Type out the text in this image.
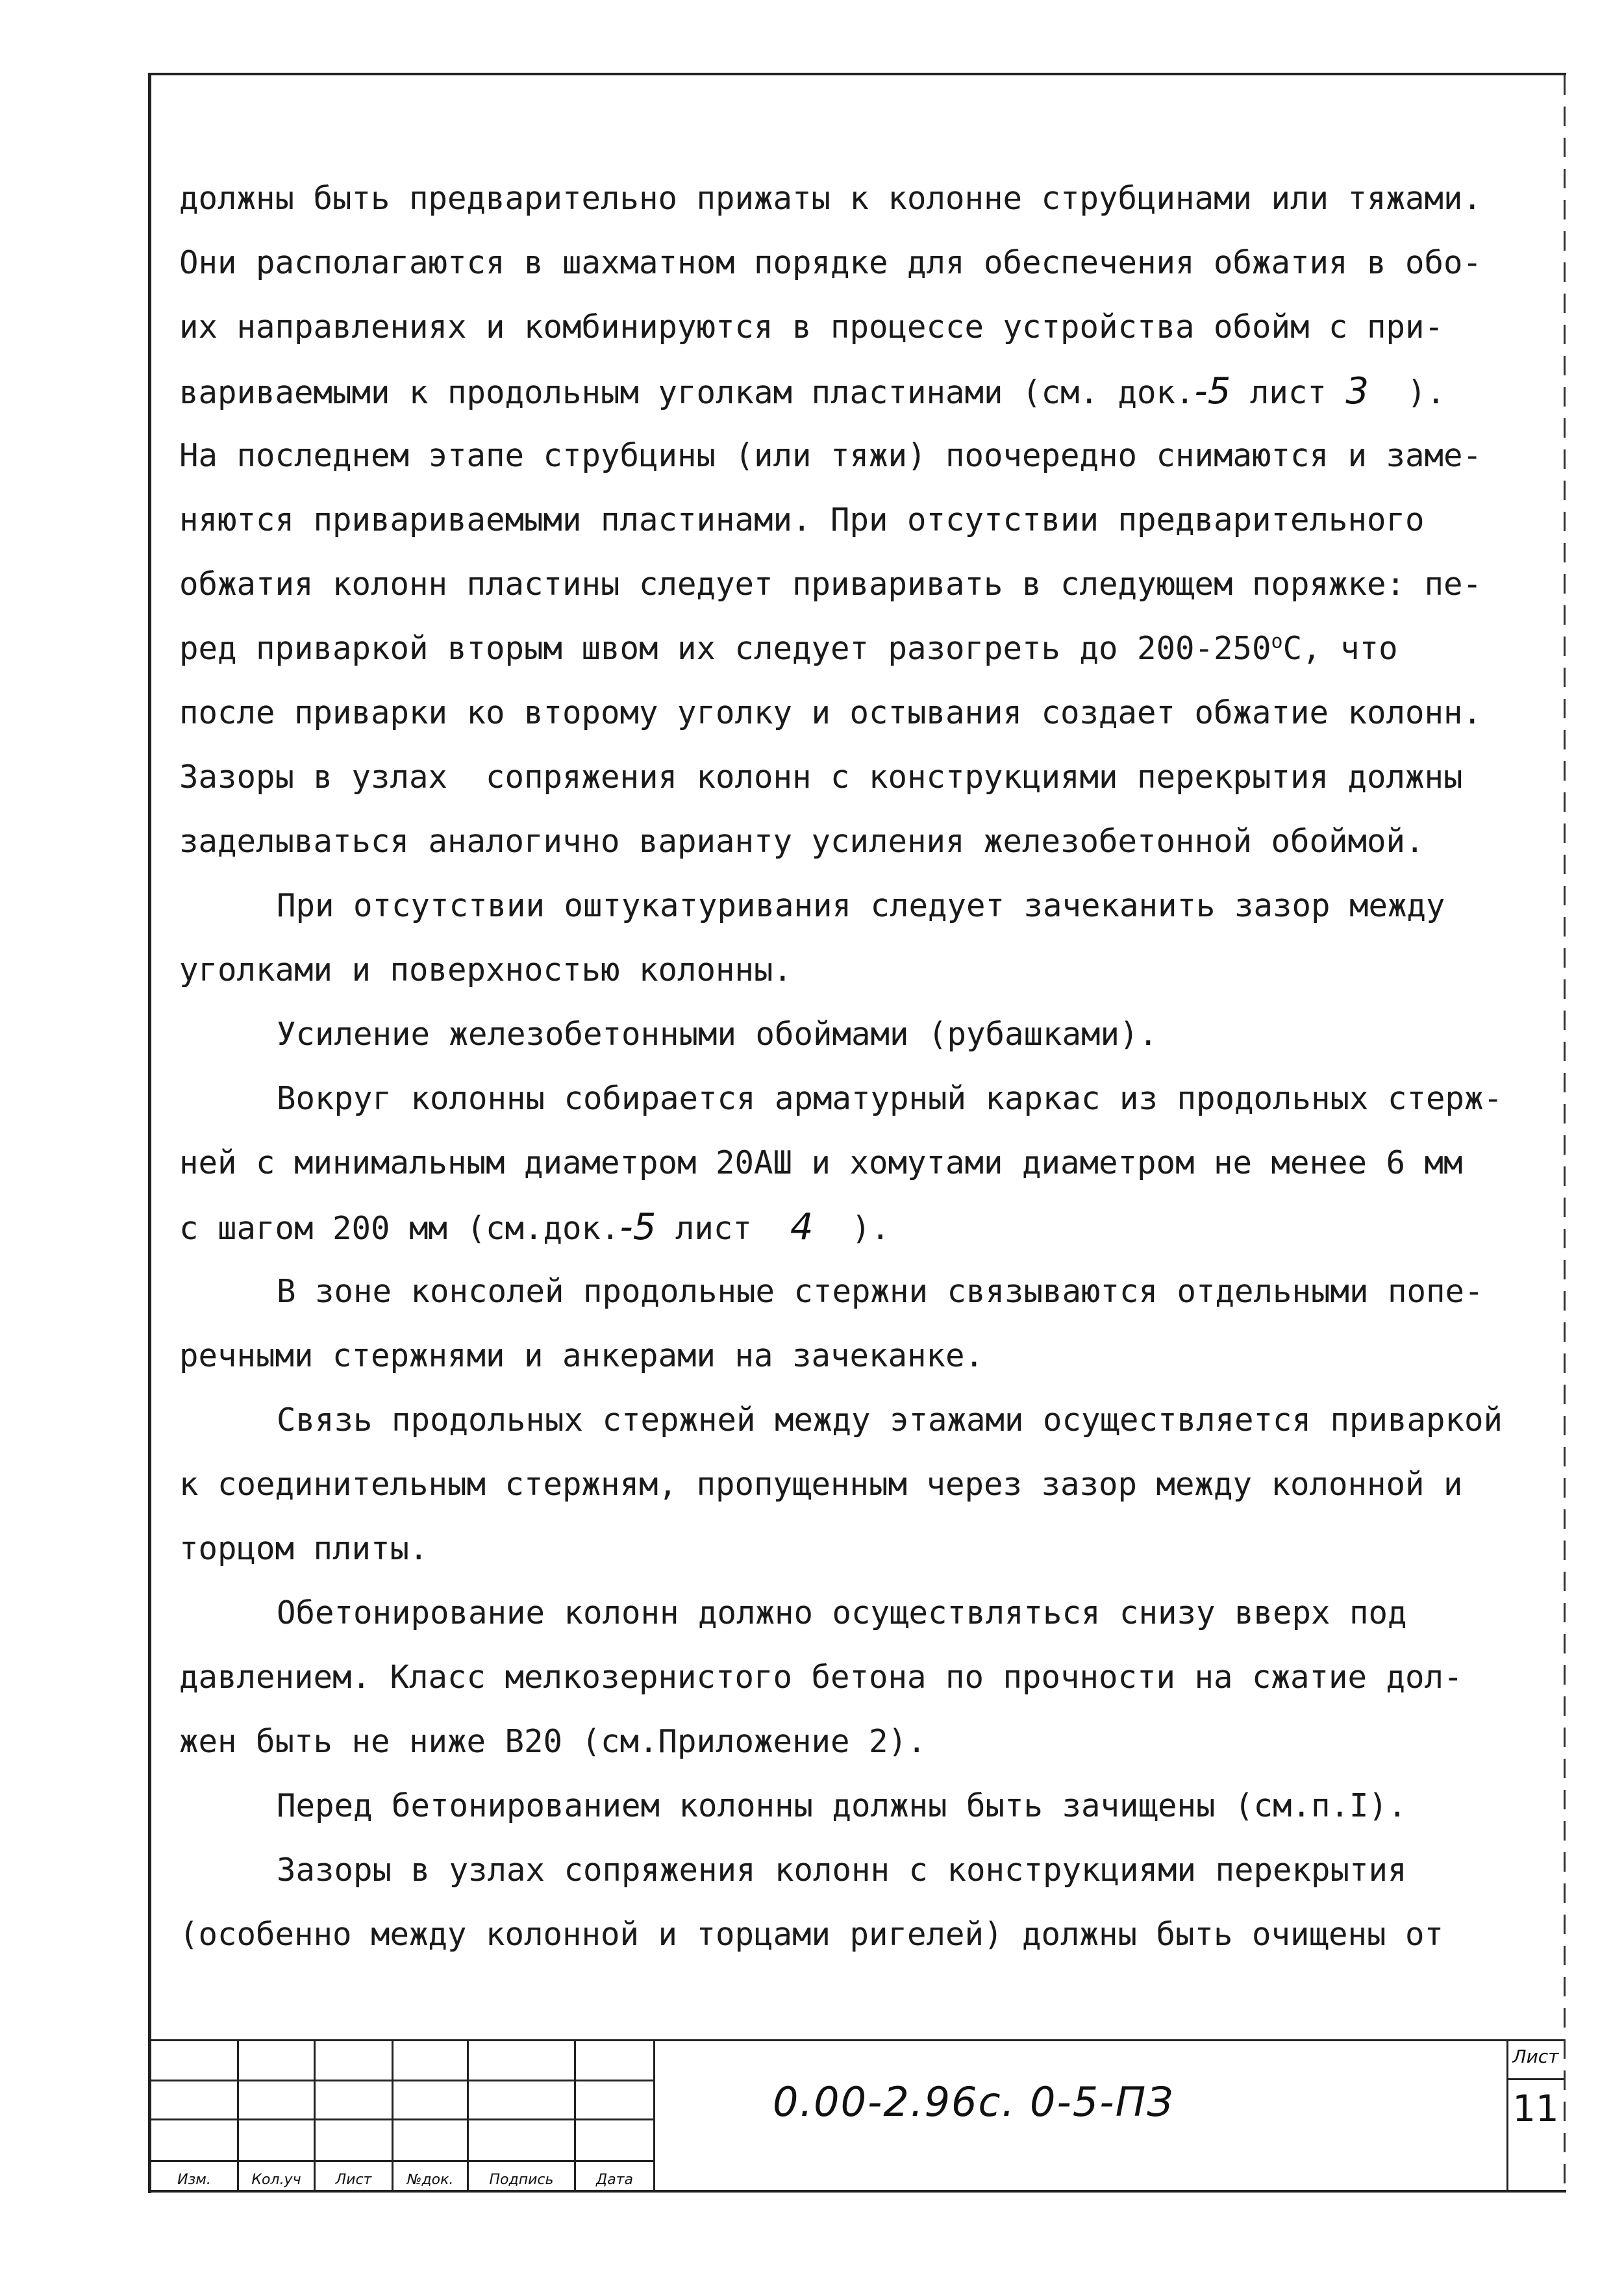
должны быть предварительно прижаты к колонне струбцинами или тяжами.
Они располагаются в шахматном порядке для обеспечения обжатия в обо-
их направлениях и комбинируются в процессе устройства обойм с при-
вариваемыми к продольным уголкам пластинами (см. док.-5 лист 3  ).
На последнем этапе струбцины (или тяжи) поочередно снимаются и заме-
няются привариваемыми пластинами. При отсутствии предварительного
обжатия колонн пластины следует приваривать в следующем поряжке: пе-
ред приваркой вторым швом их следует разогреть до $200-250^оС$, что
после приварки ко второму уголку и остывания создает обжатие колонн.
Зазоры в узлах  сопряжения колонн с конструкциями перекрытия должны
заделываться аналогично варианту усиления железобетонной обоймой.
При отсутствии оштукатуривания следует зачеканить зазор между
уголками и поверхностью колонны.
Усиление железобетонными обоймами (рубашками).
Вокруг колонны собирается арматурный каркас из продольных стерж-
ней с минимальным диаметром 20АШ и хомутами диаметром не менее 6 мм
с шагом 200 мм (см.док.-5 лист  4  ).
В зоне консолей продольные стержни связываются отдельными попе-
речными стержнями и анкерами на зачеканке.
Связь продольных стержней между этажами осуществляется приваркой
к соединительным стержням, пропущенным через зазор между колонной и
торцом плиты.
Обетонирование колонн должно осуществляться снизу вверх под
давлением. Класс мелкозернистого бетона по прочности на сжатие дол-
жен быть не ниже В20 (см.Приложение 2).
Перед бетонированием колонны должны быть зачищены (см.п.I).
Зазоры в узлах сопряжения колонн с конструкциями перекрытия
(особенно между колонной и торцами ригелей) должны быть очищены от
Изм.	Кол.уч	Лист	№док.	Подпись	Дата
0.00-2.96с. 0-5-ПЗ
Лист
11
